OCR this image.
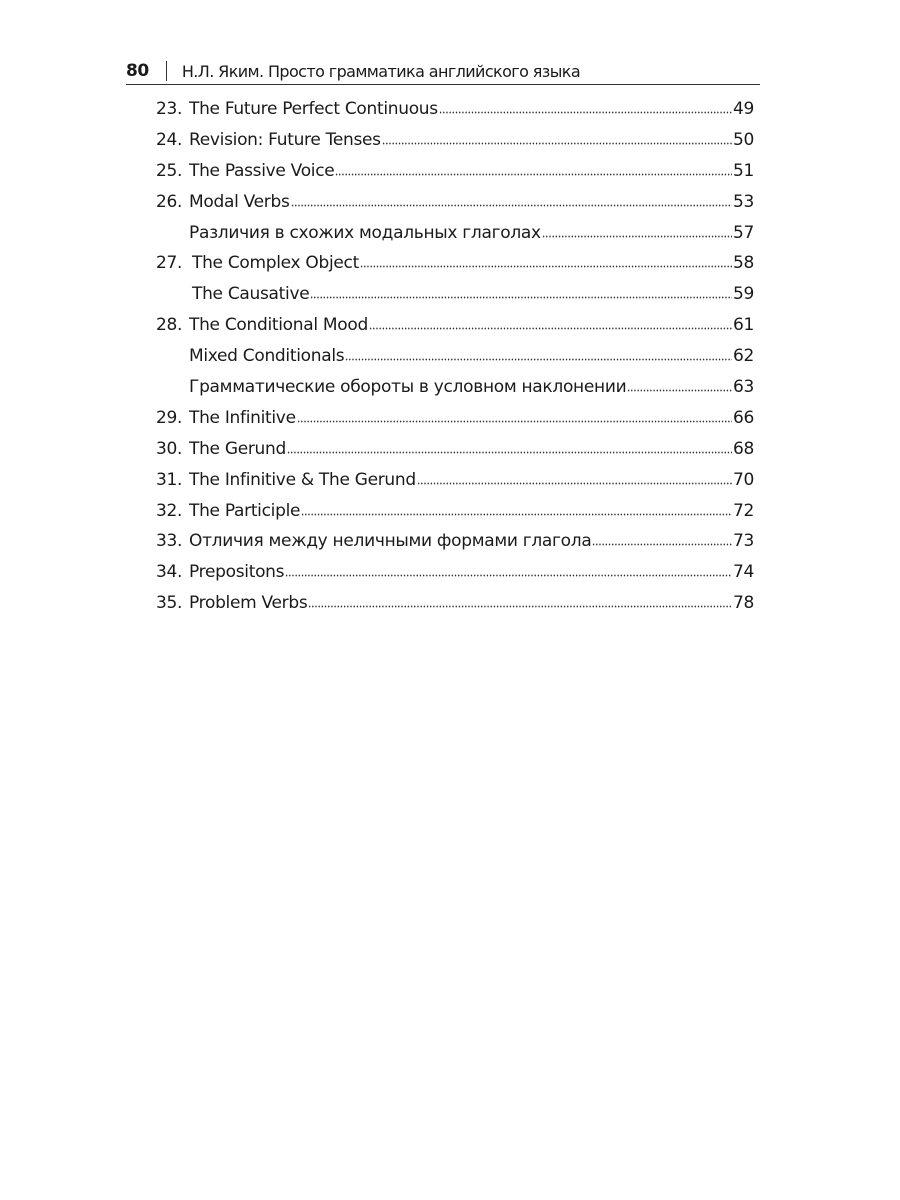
80 Н.Л. Яким. Просто грамматика английского языка
23. The Future Perfect Continuous	49
24. Revision: Future Tenses	50
25. The Passive Voice	51
26. Modal Verbs	53
Различия в схожих модальных глаголах	57
27. The Complex Object	58
The Causative	59
28. The Conditional Mood	61
Mixed Conditionals	62
Грамматические обороты в условном наклонении	63
29. The Infinitive	66
30. The Gerund	68
31. The Infinitive & The Gerund	70
32. The Participle	72
33. Отличия между неличными формами глагола	73
34. Prepositons	74
35. Problem Verbs	78
